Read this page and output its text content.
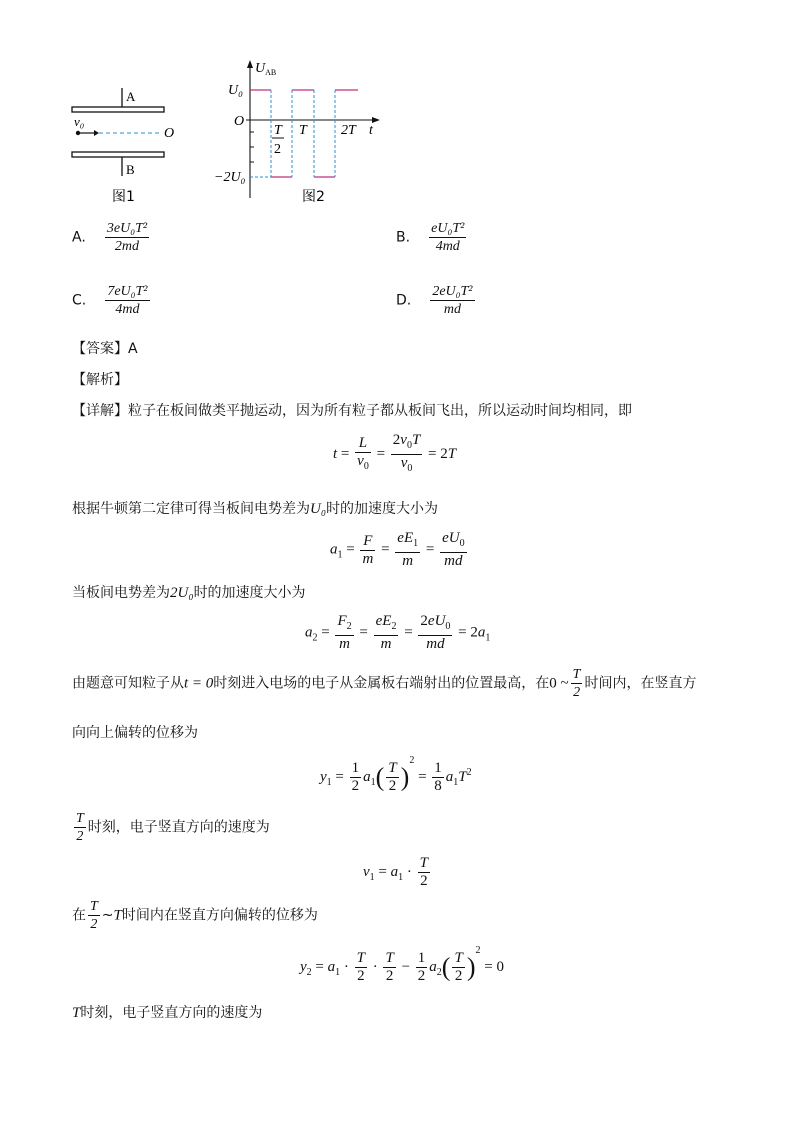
A
v₀
O
B
图1
$U_{AB}$
t
O
U₀
−2U₀
T
2
T 2T
图2
A. $\frac{\text{3eU₀T²}}{2md}$	B. $\frac{\text{eU₀T²}}{4md}$
C. $\frac{\text{7eU₀T²}}{4md}$	D. $\frac{\text{2eU₀T²}}{md}$
【答案】A
【解析】
【详解】粒子在板间做类平抛运动，因为所有粒子都从板间飞出，所以运动时间均相同，即
$t = \frac{L}{v_0} = \frac{2v_0T}{v_0} = 2T$
根据牛顿第二定律可得当板间电势差为U₀时的加速度大小为
$a_1 = \frac{F}{m} = \frac{eE_1}{m} = \frac{eU_0}{md}$
当板间电势差为2U₀时的加速度大小为
$a_2 = \frac{F_2}{m} = \frac{eE_2}{m} = \frac{2eU_0}{md} = 2a_1$
由题意可知粒子从t = 0时刻进入电场的电子从金属板右端射出的位置最高，在0 ~ $\frac{T}{2}$ 时间内，在竖直方
向向上偏转的位移为
$y_1 = \frac{1}{2} a_1( \frac{T}{2} )^2 = \frac{1}{8} a_1T^2$
$\frac{T}{2}$ 时刻，电子竖直方向的速度为
$v_1 = a_1 \cdot \frac{T}{2}$
在 $\frac{T}{2}$ ~T时间内在竖直方向偏转的位移为
$y_2 = a_1 \cdot \frac{T}{2} \cdot \frac{T}{2} - \frac{1}{2} a_2( \frac{T}{2} )^2 = 0$
T时刻，电子竖直方向的速度为
